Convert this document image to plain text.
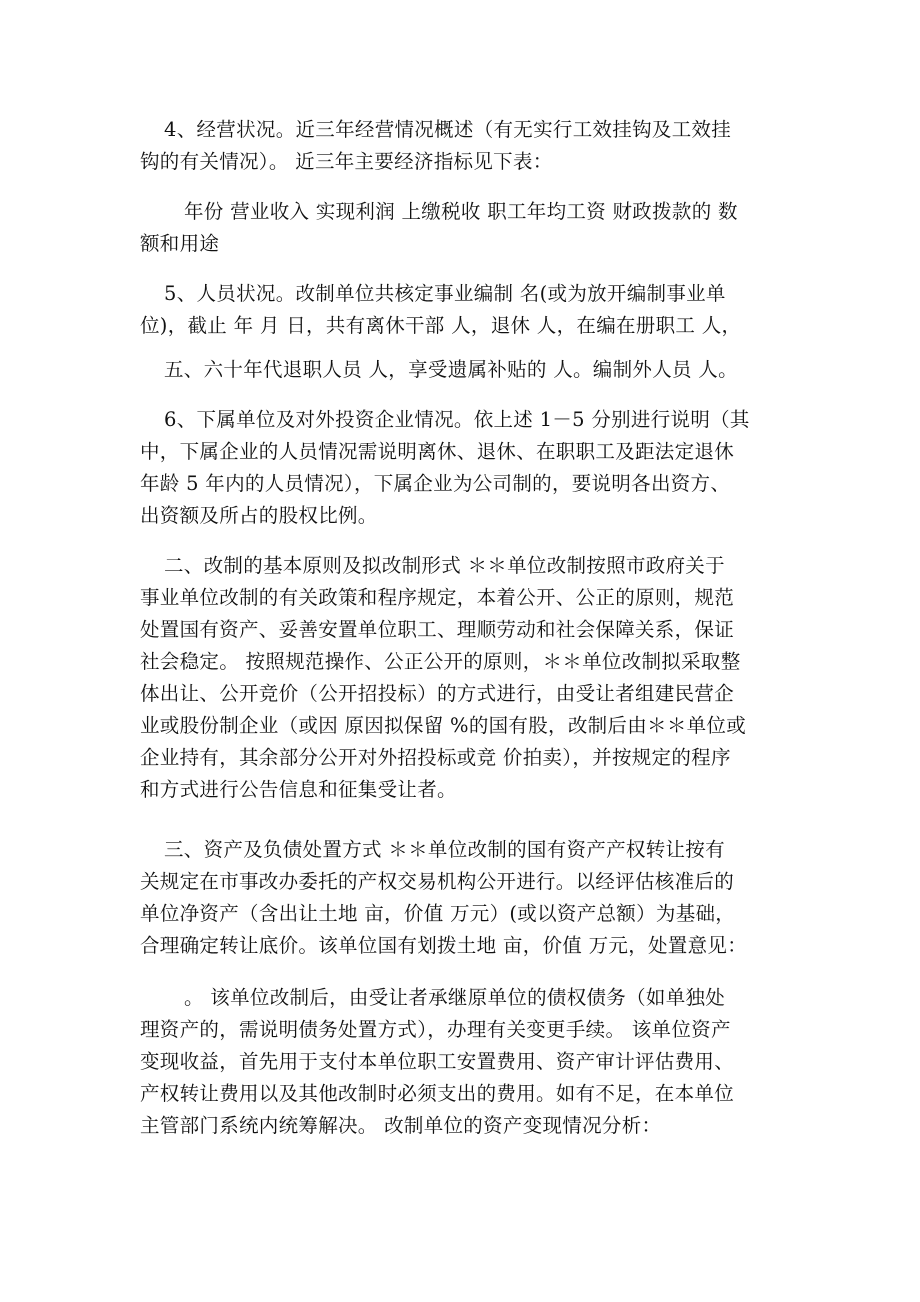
4、经营状况。近三年经营情况概述（有无实行工效挂钩及工效挂
钩的有关情况）。 近三年主要经济指标见下表：
年份 营业收入 实现利润 上缴税收 职工年均工资 财政拨款的 数
额和用途
5、人员状况。改制单位共核定事业编制 名(或为放开编制事业单
位)，截止 年 月 日，共有离休干部 人，退休 人，在编在册职工 人，
五、六十年代退职人员 人，享受遗属补贴的 人。编制外人员 人。
6、下属单位及对外投资企业情况。依上述 1－5 分别进行说明（其
中，下属企业的人员情况需说明离休、退休、在职职工及距法定退休
年龄 5 年内的人员情况），下属企业为公司制的，要说明各出资方、
出资额及所占的股权比例。
二、改制的基本原则及拟改制形式 ＊＊单位改制按照市政府关于
事业单位改制的有关政策和程序规定，本着公开、公正的原则，规范
处置国有资产、妥善安置单位职工、理顺劳动和社会保障关系，保证
社会稳定。 按照规范操作、公正公开的原则，＊＊单位改制拟采取整
体出让、公开竞价（公开招投标）的方式进行，由受让者组建民营企
业或股份制企业（或因 原因拟保留 %的国有股，改制后由＊＊单位或
企业持有，其余部分公开对外招投标或竞 价拍卖），并按规定的程序
和方式进行公告信息和征集受让者。
三、资产及负债处置方式 ＊＊单位改制的国有资产产权转让按有
关规定在市事改办委托的产权交易机构公开进行。以经评估核准后的
单位净资产（含出让土地 亩，价值 万元）(或以资产总额）为基础，
合理确定转让底价。该单位国有划拨土地 亩，价值 万元，处置意见：
。 该单位改制后，由受让者承继原单位的债权债务（如单独处
理资产的，需说明债务处置方式），办理有关变更手续。 该单位资产
变现收益，首先用于支付本单位职工安置费用、资产审计评估费用、
产权转让费用以及其他改制时必须支出的费用。如有不足，在本单位
主管部门系统内统筹解决。 改制单位的资产变现情况分析：
